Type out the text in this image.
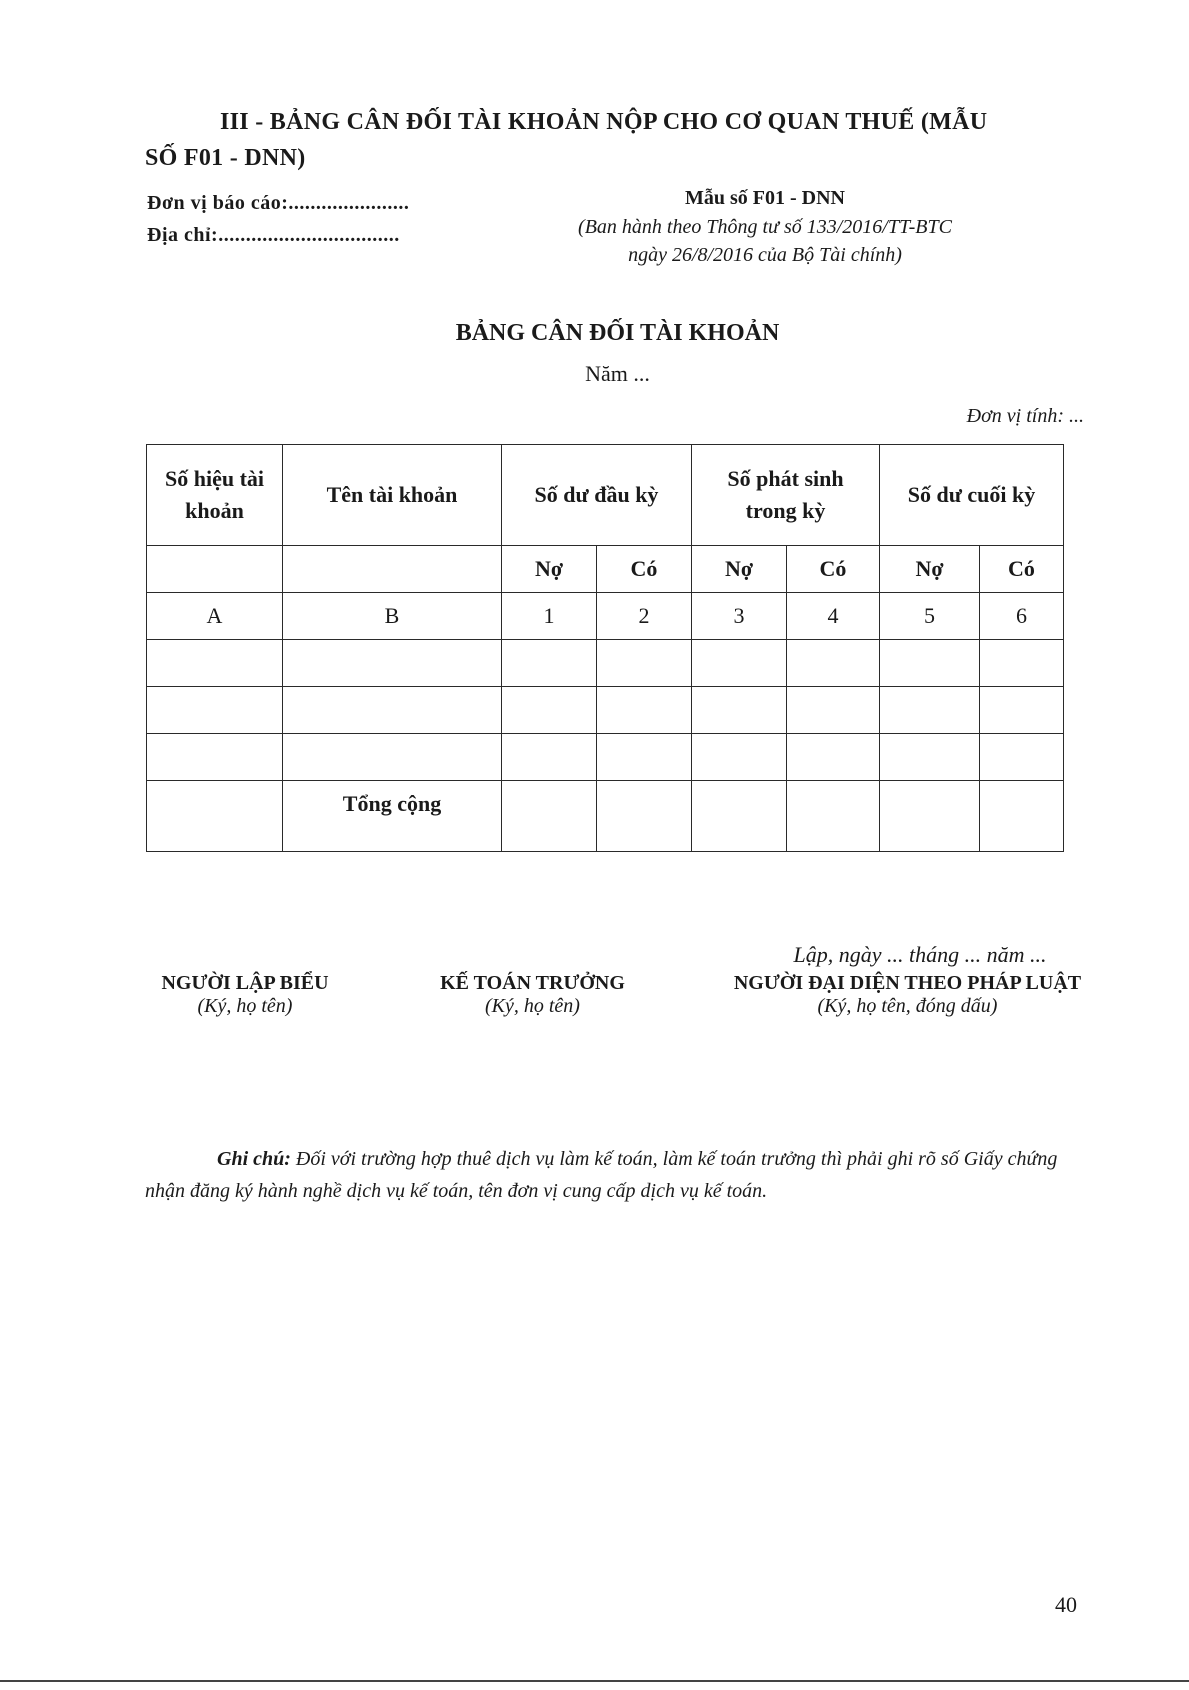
III - BẢNG CÂN ĐỐI TÀI KHOẢN NỘP CHO CƠ QUAN THUẾ (MẪU
SỐ F01 - DNN)
Đơn vị báo cáo:......................
Địa chỉ:.................................
Mẫu số F01 - DNN
(Ban hành theo Thông tư số 133/2016/TT-BTC
ngày 26/8/2016 của Bộ Tài chính)
BẢNG CÂN ĐỐI TÀI KHOẢN
Năm ...
Đơn vị tính: ...
Số hiệu tài khoản	Tên tài khoản	Số dư đầu kỳ		Số phát sinh trong kỳ		Số dư cuối kỳ	
		Nợ	Có	Nợ	Có	Nợ	Có
A	B	1	2	3	4	5	6

	Tổng cộng						
Lập, ngày ... tháng ... năm ...
NGƯỜI LẬP BIỂU
(Ký, họ tên)
KẾ TOÁN TRƯỞNG
(Ký, họ tên)
NGƯỜI ĐẠI DIỆN THEO PHÁP LUẬT
(Ký, họ tên, đóng dấu)
Ghi chú: Đối với trường hợp thuê dịch vụ làm kế toán, làm kế toán trưởng thì phải ghi rõ số Giấy chứng nhận đăng ký hành nghề dịch vụ kế toán, tên đơn vị cung cấp dịch vụ kế toán.
40
